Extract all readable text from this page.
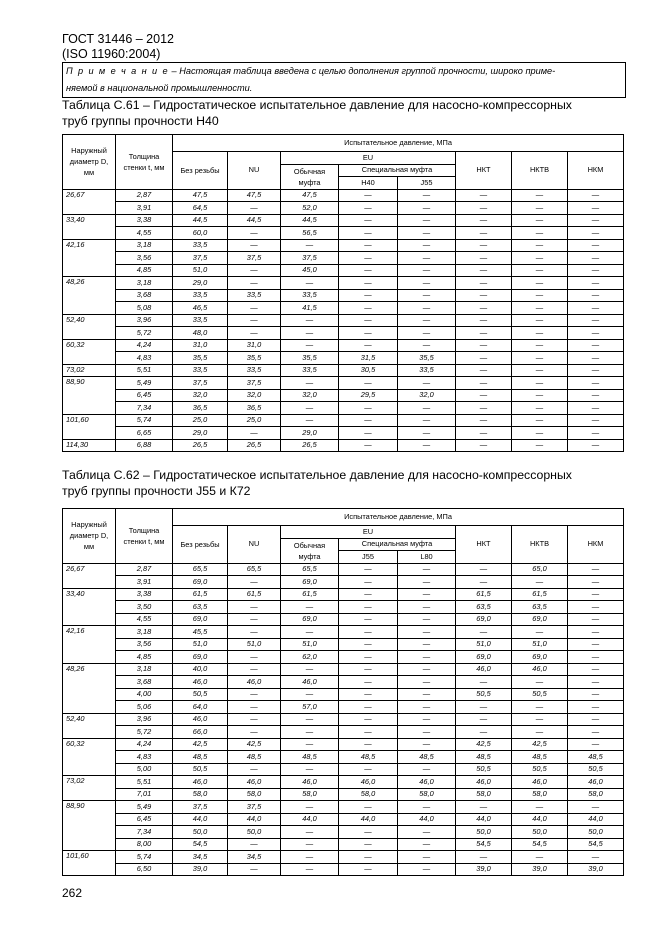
ГОСТ 31446 – 2012
(ISO 11960:2004)
П р и м е ч а н и е – Настоящая таблица введена с целью дополнения группой прочности, широко приме-
няемой в национальной промышленности.
Таблица С.61 – Гидростатическое испытательное давление для насосно-компрессорных
труб группы прочности Н40
Наружный диаметр D, мм	Толщина стенки t, мм	Испытательное давление, МПа							

		Без резьбы	NU	EU			НКТ	НКТВ	НКМ

				Обычная муфта	Специальная муфта				
					Н40	J55			
26,67	2,87	47,5	47,5	47,5	—	—	—	—	—
	3,91	64,5	—	52,0	—	—	—	—	—
33,40	3,38	44,5	44,5	44,5	—	—	—	—	—
	4,55	60,0	—	56,5	—	—	—	—	—
42,16	3,18	33,5	—	—	—	—	—	—	—
	3,56	37,5	37,5	37,5	—	—	—	—	—
	4,85	51,0	—	45,0	—	—	—	—	—
48,26	3,18	29,0	—	—	—	—	—	—	—
	3,68	33,5	33,5	33,5	—	—	—	—	—
	5,08	46,5	—	41,5	—	—	—	—	—
52,40	3,96	33,5	—	—	—	—	—	—	—
	5,72	48,0	—	—	—	—	—	—	—
60,32	4,24	31,0	31,0	—	—	—	—	—	—
	4,83	35,5	35,5	35,5	31,5	35,5	—	—	—
73,02	5,51	33,5	33,5	33,5	30,5	33,5	—	—	—
88,90	5,49	37,5	37,5	—	—	—	—	—	—
	6,45	32,0	32,0	32,0	29,5	32,0	—	—	—
	7,34	36,5	36,5	—	—	—	—	—	—
101,60	5,74	25,0	25,0	—	—	—	—	—	—
	6,65	29,0	—	29,0	—	—	—	—	—
114,30	6,88	26,5	26,5	26,5	—	—	—	—	—
Таблица С.62 – Гидростатическое испытательное давление для насосно-компрессорных
труб группы прочности J55 и К72
Наружный диаметр D, мм	Толщина стенки t, мм	Испытательное давление, МПа							

		Без резьбы	NU	EU			НКТ	НКТВ	НКМ

				Обычная муфта	Специальная муфта				
					J55	L80			
26,67	2,87	65,5	65,5	65,5	—	—	—	65,0	—
	3,91	69,0	—	69,0	—	—	—	—	—
33,40	3,38	61,5	61,5	61,5	—	—	61,5	61,5	—
	3,50	63,5	—	—	—	—	63,5	63,5	—
	4,55	69,0	—	69,0	—	—	69,0	69,0	—
42,16	3,18	45,5	—	—	—	—	—	—	—
	3,56	51,0	51,0	51,0	—	—	51,0	51,0	—
	4,85	69,0	—	62,0	—	—	69,0	69,0	—
48,26	3,18	40,0	—	—	—	—	46,0	46,0	—
	3,68	46,0	46,0	46,0	—	—	—	—	—
	4,00	50,5	—	—	—	—	50,5	50,5	—
	5,06	64,0	—	57,0	—	—	—	—	—
52,40	3,96	46,0	—	—	—	—	—	—	—
	5,72	66,0	—	—	—	—	—	—	—
60,32	4,24	42,5	42,5	—	—	—	42,5	42,5	—
	4,83	48,5	48,5	48,5	48,5	48,5	48,5	48,5	48,5
	5,00	50,5	—	—	—	—	50,5	50,5	50,5
73,02	5,51	46,0	46,0	46,0	46,0	46,0	46,0	46,0	46,0
	7,01	58,0	58,0	58,0	58,0	58,0	58,0	58,0	58,0
88,90	5,49	37,5	37,5	—	—	—	—	—	—
	6,45	44,0	44,0	44,0	44,0	44,0	44,0	44,0	44,0
	7,34	50,0	50,0	—	—	—	50,0	50,0	50,0
	8,00	54,5	—	—	—	—	54,5	54,5	54,5
101,60	5,74	34,5	34,5	—	—	—	—	—	—
	6,50	39,0	—	—	—	—	39,0	39,0	39,0
262
